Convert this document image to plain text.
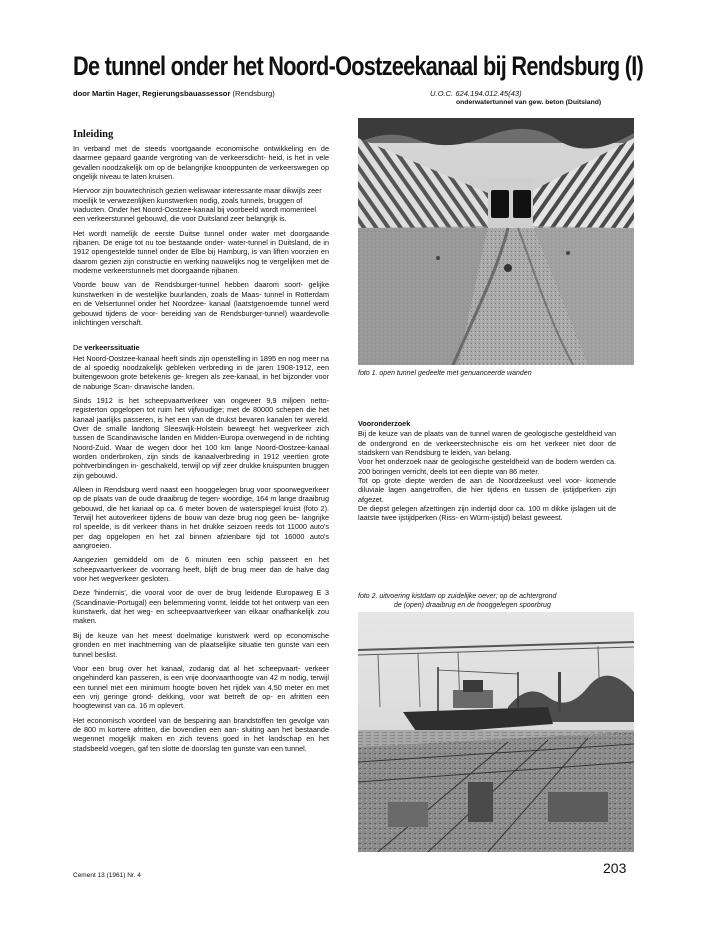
De tunnel onder het Noord-Oostzeekanaal bij Rendsburg (I)
door Martin Hager, Regierungsbauassessor (Rendsburg)	U.O.C. 624.194.012.45(43)
onderwatertunnel van gew. beton (Duitsland)
Inleiding

In verband met de steeds voortgaande economische ontwikkeling en de daarmee gepaard gaande vergroting van de verkeersdicht- heid, is het in vele gevallen noodzakelijk om op de belangrijke knooppunten de verkeerswegen op ongelijk niveau te laten kruisen.

Hiervoor zijn bouwtechnisch gezien weliswaar interessante maar dikwijls zeer moeilijk te verwezenlijken kunstwerken nodig, zoals tunnels, bruggen of viaducten. Onder het Noord-Oostzee-kanaal bij voorbeeld wordt momenteel een verkeerstunnel gebouwd, die voor Duitsland zeer belangrijk is.

Het wordt namelijk de eerste Duitse tunnel onder water met doorgaande rijbanen. De enige tot nu toe bestaande onder- water-tunnel in Duitsland, de in 1912 opengestelde tunnel onder de Elbe bij Hamburg, is van liften voorzien en daarom gezien zijn constructie en werking nauwelijks nog te vergelijken met de moderne verkeerstunnels met doorgaande rijbanen.

Voorde bouw van de Rendsburger-tunnel hebben daarom soort- gelijke kunstwerken in de westelijke buurlanden, zoals de Maas- tunnel in Rotterdam en de Velsertunnel onder het Noordzee- kanaal (laatstgenoemde tunnel werd gebouwd tijdens de voor- bereiding van de Rendsburger-tunnel) waardevolle inlichtingen verschaft.

De verkeerssituatie

Het Noord-Oostzee-kanaal heeft sinds zijn openstelling in 1895 en nog meer na de al spoedig noodzakelijk gebleken verbreding in de jaren 1908-1912, een buitengewoon grote betekenis ge- kregen als zee-kanaal, in het bijzonder voor de naburige Scan- dinavische landen.

Sinds 1912 is het scheepvaartverkeer van ongeveer 9,9 miljoen netto-registerton opgelopen tot ruim het vijfvoudige; met de 80000 schepen die het kanaal jaarlijks passeren, is het een van de drukst bevaren kanalen ter wereld. Over de smalle landtong Sleeswijk-Holstein beweegt het wegverkeer zich tussen de Scandinavische landen en Midden-Europa overwegend in de richting Noord-Zuid. Waar de wegen door het 100 km lange Noord-Oostzee-kanaal worden onderbroken, zijn sinds de kanaalverbreding in 1912 veertien grote pohtverbindingen in- geschakeld, terwijl op vijf zeer drukke kruispunten bruggen zijn gebouwd.

Alleen in Rendsburg werd naast een hooggelegen brug voor spoorwegverkeer op de plaats van de oude draaibrug de tegen- woordige, 164 m lange draaibrug gebouwd, die het kanaal op ca. 6 meter boven de waterspiegel kruist (foto 2). Terwijl het autoverkeer tijdens de bouw van deze brug nog geen be- langrijke rol speelde, is dit verkeer thans in het drukke seizoen reeds tot 11000 auto's per dag opgelopen en het zal binnen afzienbare tijd tot 16000 auto's aangroeien.

Aangezien gemiddeld om de 6 minuten een schip passeert en het scheepvaartverkeer de voorrang heeft, blijft de brug meer dan de halve dag voor het wegverkeer gesloten.

Deze 'hindernis', die vooral voor de over de brug leidende Europaweg E 3 (Scandinavie-Portugal) een belemmering vormt, leidde tot het ontwerp van een kunstwerk, dat het weg- en scheepvaartverkeer van elkaar onafhankelijk zou maken.

Bij de keuze van het meest doelmatige kunstwerk werd op economische gronden en met inachtneming van de plaatselijke situatie ten gunste van een tunnel beslist.

Voor een brug over het kanaal, zodanig dat al het scheepvaart- verkeer ongehinderd kan passeren, is een vrije doorvaarthoogte van 42 m nodig, terwijl een tunnel met een minimum hoogte boven het rijdek van 4,50 meter en met een vrij geringe grond- dekking, voor wat betreft de op- en afritten een hoogtewinst van ca. 16 m oplevert.

Het economisch voordeel van de besparing aan brandstoffen ten gevolge van de 800 m kortere afritten, die bovendien een aan- sluiting aan het bestaande wegennet mogelijk maken en zich tevens goed in het landschap en het stadsbeeld voegen, gaf ten slotte de doorslag ten gunste van een tunnel.

foto 1. open tunnel gedeelte met genuanceerde wanden
Vooronderzoek

Bij de keuze van de plaats van de tunnel waren de geologische gesteldheid van de ondergrond en de verkeerstechnische eis om het verkeer niet door de stadskern van Rendsburg te leiden, van belang.

Voor het onderzoek naar de geologische gesteldheid van de bodem werden ca. 200 boringen verricht, deels tot een diepte van 86 meter.

Tot op grote diepte werden de aan de Noordzeekust veel voor- komende diluviale lagen aangetroffen, die hier tijdens en tussen de ijstijdperken zijn afgezet.

De diepst gelegen afzettingen zijn indertijd door ca. 100 m dikke ijslagen uit de laatste twee ijstijdperken (Riss- en Würm-ijstijd) belast geweest.

foto 2. uitvoering kistdam op zuidelijke oever; op de achtergrond
de (open) draaibrug en de hooggelegen spoorbrug
203
Cement 13 (1961) Nr. 4
